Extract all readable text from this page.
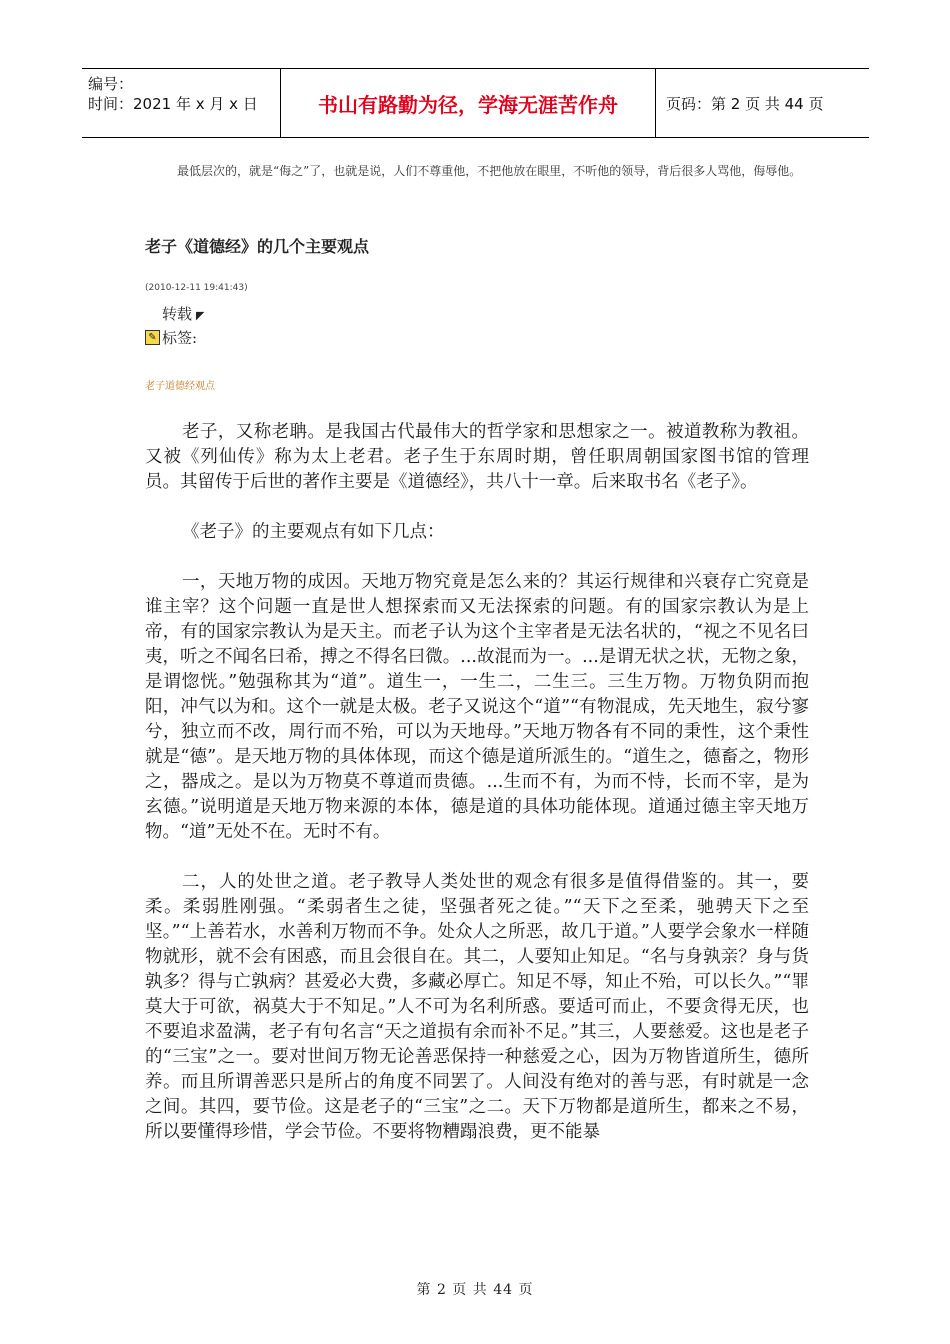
编号：
时间：2021 年 x 月 x 日	书山有路勤为径，学海无涯苦作舟	页码：第 2 页 共 44 页
最低层次的，就是“侮之”了，也就是说，人们不尊重他，不把他放在眼里，不听他的领导，背后很多人骂他，侮辱他。
老子《道德经》的几个主要观点
(2010-12-11 19:41:43)
转载 ◤
✎ 标签:
老子道德经观点

老子，又称老聃。是我国古代最伟大的哲学家和思想家之一。被道教称为教祖。又被《列仙传》称为太上老君。老子生于东周时期，曾任职周朝国家图书馆的管理员。其留传于后世的著作主要是《道德经》，共八十一章。后来取书名《老子》。

《老子》的主要观点有如下几点：

一，天地万物的成因。天地万物究竟是怎么来的？其运行规律和兴衰存亡究竟是谁主宰？这个问题一直是世人想探索而又无法探索的问题。有的国家宗教认为是上帝，有的国家宗教认为是天主。而老子认为这个主宰者是无法名状的，“视之不见名曰夷，听之不闻名曰希，搏之不得名曰微。...故混而为一。...是谓无状之状，无物之象，是谓惚恍。”勉强称其为“道”。道生一，一生二，二生三。三生万物。万物负阴而抱阳，冲气以为和。这个一就是太极。老子又说这个“道”“有物混成，先天地生，寂兮寥兮，独立而不改，周行而不殆，可以为天地母。”天地万物各有不同的秉性，这个秉性就是“德”。是天地万物的具体体现，而这个德是道所派生的。“道生之，德畜之，物形之，器成之。是以为万物莫不尊道而贵德。...生而不有，为而不恃，长而不宰，是为玄德。”说明道是天地万物来源的本体，德是道的具体功能体现。道通过德主宰天地万物。“道”无处不在。无时不有。

二，人的处世之道。老子教导人类处世的观念有很多是值得借鉴的。其一，要柔。柔弱胜刚强。“柔弱者生之徒，坚强者死之徒。”“天下之至柔，驰骋天下之至坚。”“上善若水，水善利万物而不争。处众人之所恶，故几于道。”人要学会象水一样随物就形，就不会有困惑，而且会很自在。其二，人要知止知足。“名与身孰亲？身与货孰多？得与亡孰病？甚爱必大费，多藏必厚亡。知足不辱，知止不殆，可以长久。”“罪莫大于可欲，祸莫大于不知足。”人不可为名利所惑。要适可而止，不要贪得无厌，也不要追求盈满，老子有句名言“天之道损有余而补不足。”其三，人要慈爱。这也是老子的“三宝”之一。要对世间万物无论善恶保持一种慈爱之心，因为万物皆道所生，德所养。而且所谓善恶只是所占的角度不同罢了。人间没有绝对的善与恶，有时就是一念之间。其四，要节俭。这是老子的“三宝”之二。天下万物都是道所生，都来之不易，所以要懂得珍惜，学会节俭。不要将物糟蹋浪费，更不能暴

第 2 页 共 44 页
